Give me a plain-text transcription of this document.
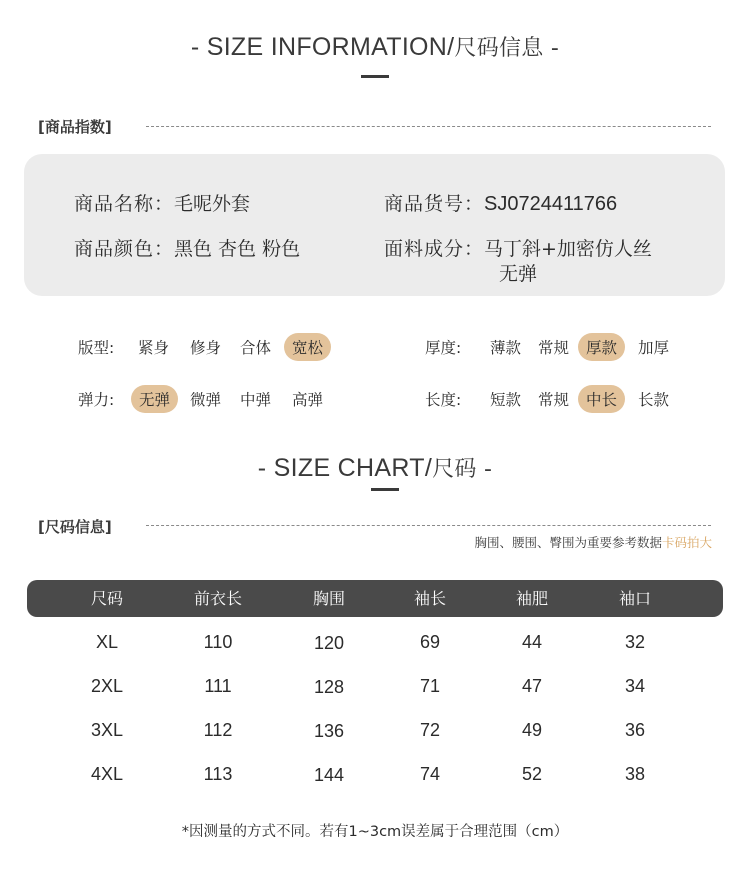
- SIZE INFORMATION/尺码信息 -
[商品指数]
商品名称：毛呢外套	商品货号：SJ0724411766
商品颜色：黑色 杏色 粉色	面料成分：马丁斜+加密仿人丝
无弹
版型: 紧身 修身 合体	宽松	厚度: 薄款 常规	厚款	加厚
弹力:	无弹	微弹 中弹 高弹	长度: 短款 常规	中长	长款
- SIZE CHART/尺码 -
[尺码信息]
胸围、腰围、臀围为重要参考数据卡码拍大
尺码	前衣长	胸围	袖长	袖肥	袖口
XL	110	120	69	44	32
2XL	111	128	71	47	34
3XL	112	136	72	49	36
4XL	113	144	74	52	38
*因测量的方式不同。若有1~3cm误差属于合理范围（cm）
